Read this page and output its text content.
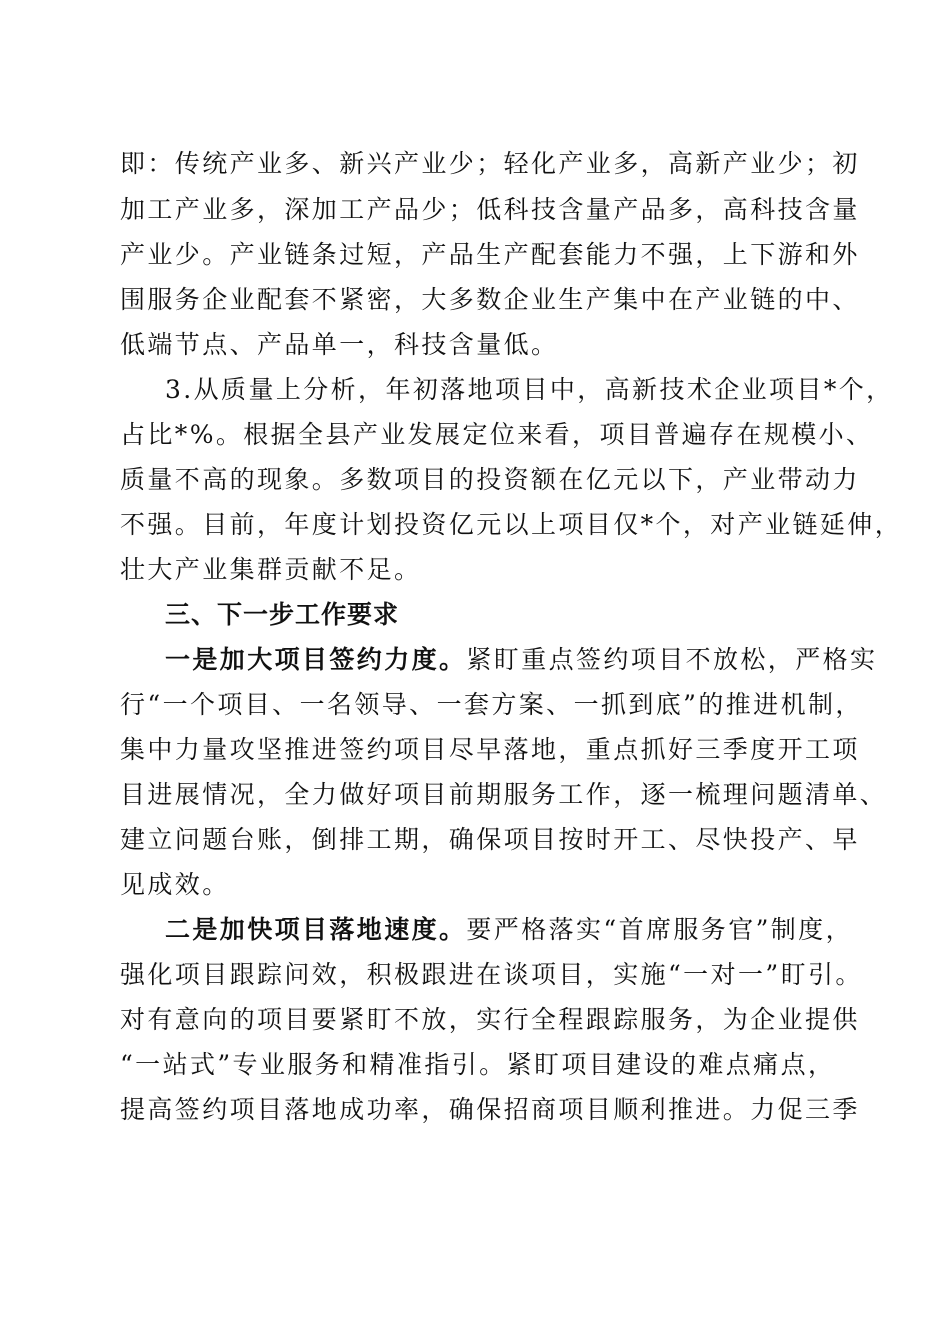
即：传统产业多、新兴产业少；轻化产业多，高新产业少；初
加工产业多，深加工产品少；低科技含量产品多，高科技含量
产业少。产业链条过短，产品生产配套能力不强，上下游和外
围服务企业配套不紧密，大多数企业生产集中在产业链的中、
低端节点、产品单一，科技含量低。
3.从质量上分析，年初落地项目中，高新技术企业项目*个，
占比*%。根据全县产业发展定位来看，项目普遍存在规模小、
质量不高的现象。多数项目的投资额在亿元以下，产业带动力
不强。目前，年度计划投资亿元以上项目仅*个，对产业链延伸，
壮大产业集群贡献不足。
三、下一步工作要求
一是加大项目签约力度。紧盯重点签约项目不放松，严格实
行“一个项目、一名领导、一套方案、一抓到底”的推进机制，
集中力量攻坚推进签约项目尽早落地，重点抓好三季度开工项
目进展情况，全力做好项目前期服务工作，逐一梳理问题清单、
建立问题台账，倒排工期，确保项目按时开工、尽快投产、早
见成效。
二是加快项目落地速度。要严格落实“首席服务官”制度，
强化项目跟踪问效，积极跟进在谈项目，实施“一对一”盯引。
对有意向的项目要紧盯不放，实行全程跟踪服务，为企业提供
“一站式”专业服务和精准指引。紧盯项目建设的难点痛点，
提高签约项目落地成功率，确保招商项目顺利推进。力促三季
